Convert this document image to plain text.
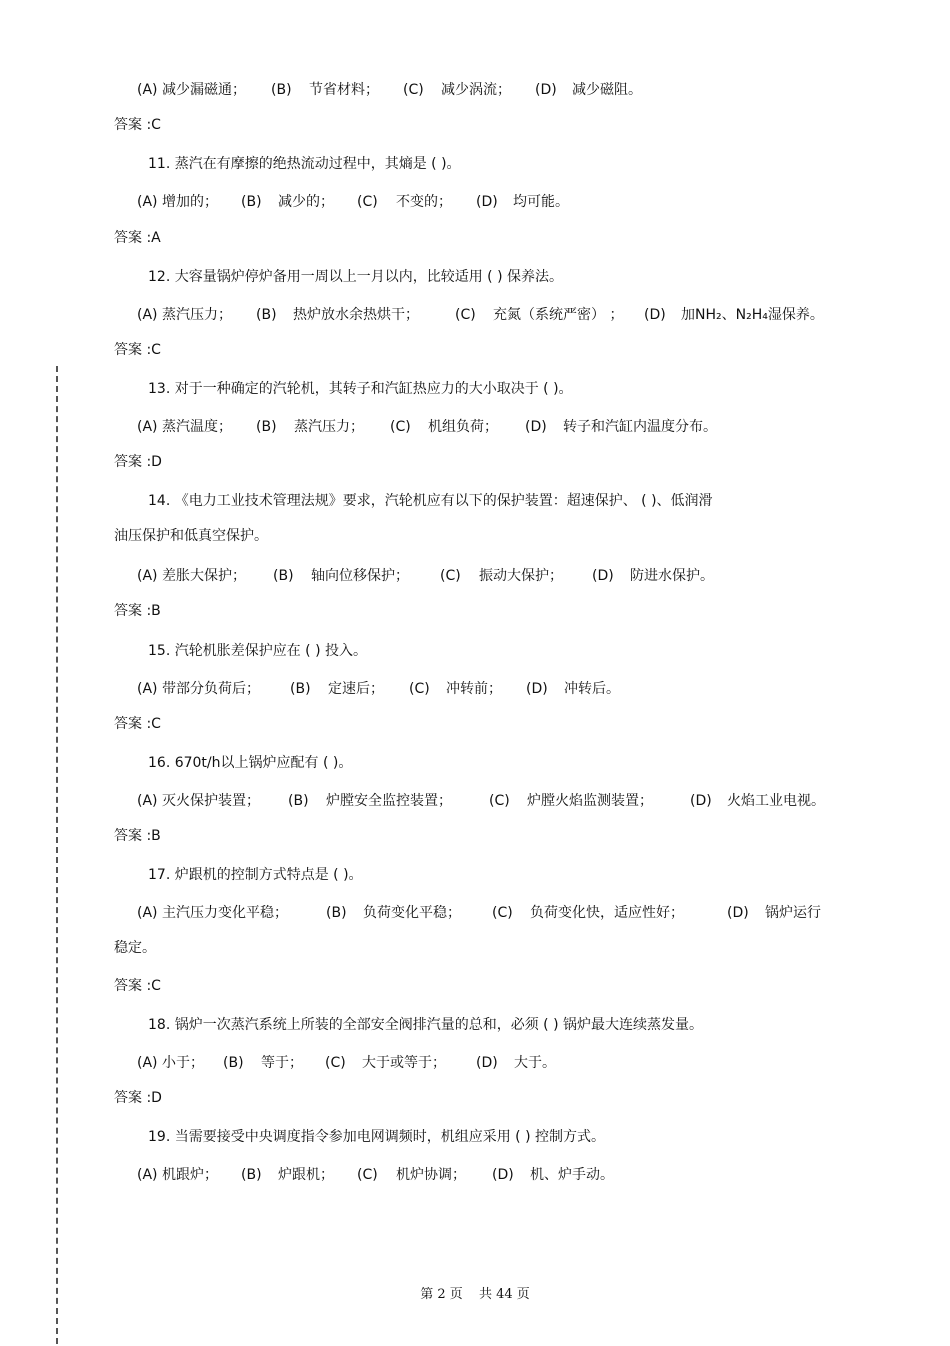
(A) 减少漏磁通； (B) 节省材料； (C) 减少涡流； (D) 减少磁阻。
答案 :C
11. 蒸汽在有摩擦的绝热流动过程中，其熵是 ( )。
(A) 增加的； (B) 减少的； (C) 不变的； (D) 均可能。
答案 :A
12. 大容量锅炉停炉备用一周以上一月以内，比较适用 ( ) 保养法。
(A) 蒸汽压力； (B) 热炉放水余热烘干；	(C) 充氮（系统严密） ； (D) 加NH₂、N₂H₄湿保养。
答案 :C
13. 对于一种确定的汽轮机，其转子和汽缸热应力的大小取决于 ( )。
(A) 蒸汽温度； (B) 蒸汽压力； (C) 机组负荷； (D) 转子和汽缸内温度分布。
答案 :D
14. 《电力工业技术管理法规》要求，汽轮机应有以下的保护装置：超速保护、 ( )、低润滑
油压保护和低真空保护。
(A) 差胀大保护； (B) 轴向位移保护； (C) 振动大保护； (D) 防进水保护。
答案 :B
15. 汽轮机胀差保护应在 ( ) 投入。
(A) 带部分负荷后； (B) 定速后； (C) 冲转前； (D) 冲转后。
答案 :C
16. 670t/h以上锅炉应配有 ( )。
(A) 灭火保护装置； (B) 炉膛安全监控装置；	(C) 炉膛火焰监测装置；	(D) 火焰工业电视。
答案 :B
17. 炉跟机的控制方式特点是 ( )。
(A) 主汽压力变化平稳；	(B) 负荷变化平稳； (C) 负荷变化快，适应性好；	(D) 锅炉运行
稳定。
答案 :C
18. 锅炉一次蒸汽系统上所装的全部安全阀排汽量的总和，必须 ( ) 锅炉最大连续蒸发量。
(A) 小于； (B) 等于； (C) 大于或等于； (D) 大于。
答案 :D
19. 当需要接受中央调度指令参加电网调频时，机组应采用 ( ) 控制方式。
(A) 机跟炉； (B) 炉跟机； (C) 机炉协调； (D) 机、炉手动。
第 2 页 共 44 页
